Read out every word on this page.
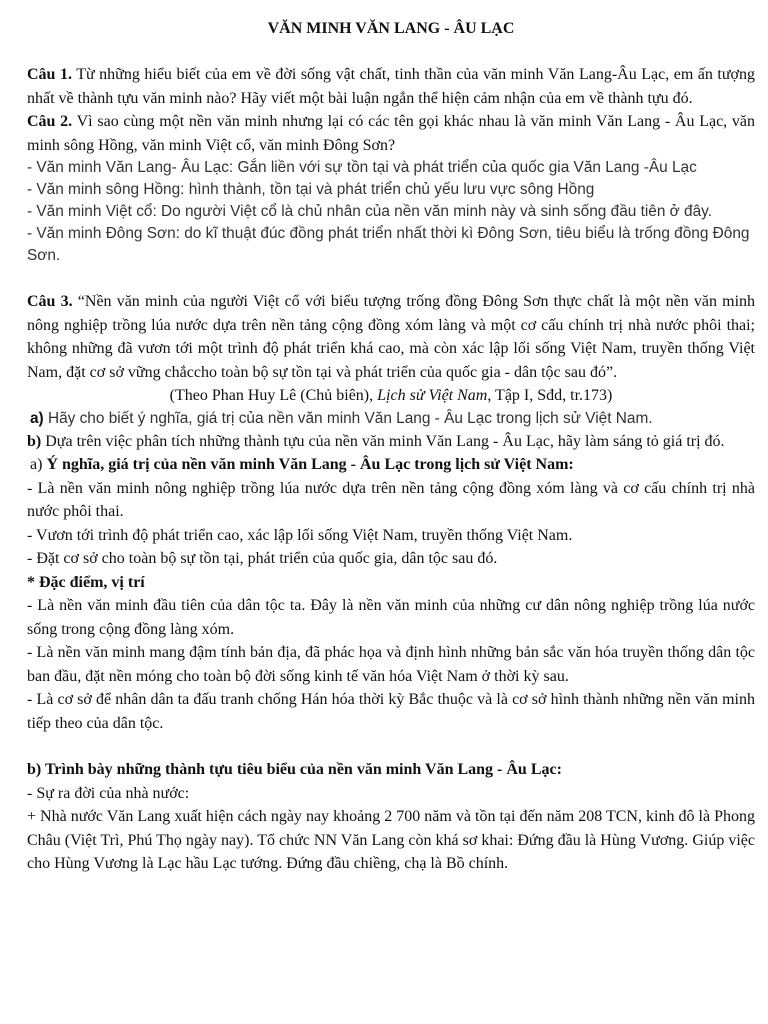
VĂN MINH VĂN LANG - ÂU LẠC

Câu 1. Từ những hiểu biết của em về đời sống vật chất, tinh thần của văn minh Văn Lang-Âu Lạc, em ấn tượng nhất về thành tựu văn minh nào? Hãy viết một bài luận ngắn thể hiện cảm nhận của em về thành tựu đó.

Câu 2. Vì sao cùng một nền văn minh nhưng lại có các tên gọi khác nhau là văn minh Văn Lang - Âu Lạc, văn minh sông Hồng, văn minh Việt cổ, văn minh Đông Sơn?

- Văn minh Văn Lang- Âu Lạc: Gắn liền với sự tồn tại và phát triển của quốc gia Văn Lang -Âu Lạc

- Văn minh sông Hồng: hình thành, tồn tại và phát triển chủ yếu lưu vực sông Hồng

- Văn minh Việt cổ: Do người Việt cổ là chủ nhân của nền văn minh này và sinh sống đầu tiên ở đây.

- Văn minh Đông Sơn: do kĩ thuật đúc đồng phát triển nhất thời kì Đông Sơn, tiêu biểu là trống đồng Đông Sơn.

Câu 3. “Nền văn minh của người Việt cổ với biểu tượng trống đồng Đông Sơn thực chất là một nền văn minh nông nghiệp trồng lúa nước dựa trên nền tảng cộng đồng xóm làng và một cơ cấu chính trị nhà nước phôi thai; không những đã vươn tới một trình độ phát triển khá cao, mà còn xác lập lối sống Việt Nam, truyền thống Việt Nam, đặt cơ sở vững chắccho toàn bộ sự tồn tại và phát triển của quốc gia - dân tộc sau đó”.

(Theo Phan Huy Lê (Chủ biên), Lịch sử Việt Nam, Tập I, Sđd, tr.173)

a) Hãy cho biết ý nghĩa, giá trị của nền văn minh Văn Lang - Âu Lạc trong lịch sử Việt Nam.

b) Dựa trên việc phân tích những thành tựu của nền văn minh Văn Lang - Âu Lạc, hãy làm sáng tỏ giá trị đó.

a) Ý nghĩa, giá trị của nền văn minh Văn Lang - Âu Lạc trong lịch sử Việt Nam:

- Là nền văn minh nông nghiệp trồng lúa nước dựa trên nền tảng cộng đồng xóm làng và cơ cấu chính trị nhà nước phôi thai.

- Vươn tới trình độ phát triển cao, xác lập lối sống Việt Nam, truyền thống Việt Nam.

- Đặt cơ sở cho toàn bộ sự tồn tại, phát triển của quốc gia, dân tộc sau đó.

* Đặc điểm, vị trí

- Là nền văn minh đầu tiên của dân tộc ta. Đây là nền văn minh của những cư dân nông nghiệp trồng lúa nước sống trong cộng đồng làng xóm.

- Là nền văn minh mang đậm tính bản địa, đã phác họa và định hình những bản sắc văn hóa truyền thống dân tộc ban đầu, đặt nền móng cho toàn bộ đời sống kinh tế văn hóa Việt Nam ở thời kỳ sau.

- Là cơ sở để nhân dân ta đấu tranh chống Hán hóa thời kỳ Bắc thuộc và là cơ sở hình thành những nền văn minh tiếp theo của dân tộc.

b) Trình bày những thành tựu tiêu biểu của nền văn minh Văn Lang - Âu Lạc:

- Sự ra đời của nhà nước:

+ Nhà nước Văn Lang xuất hiện cách ngày nay khoảng 2 700 năm và tồn tại đến năm 208 TCN, kinh đô là Phong Châu (Việt Trì, Phú Thọ ngày nay). Tổ chức NN Văn Lang còn khá sơ khai: Đứng đầu là Hùng Vương. Giúp việc cho Hùng Vương là Lạc hầu Lạc tướng. Đứng đầu chiềng, chạ là Bồ chính.
